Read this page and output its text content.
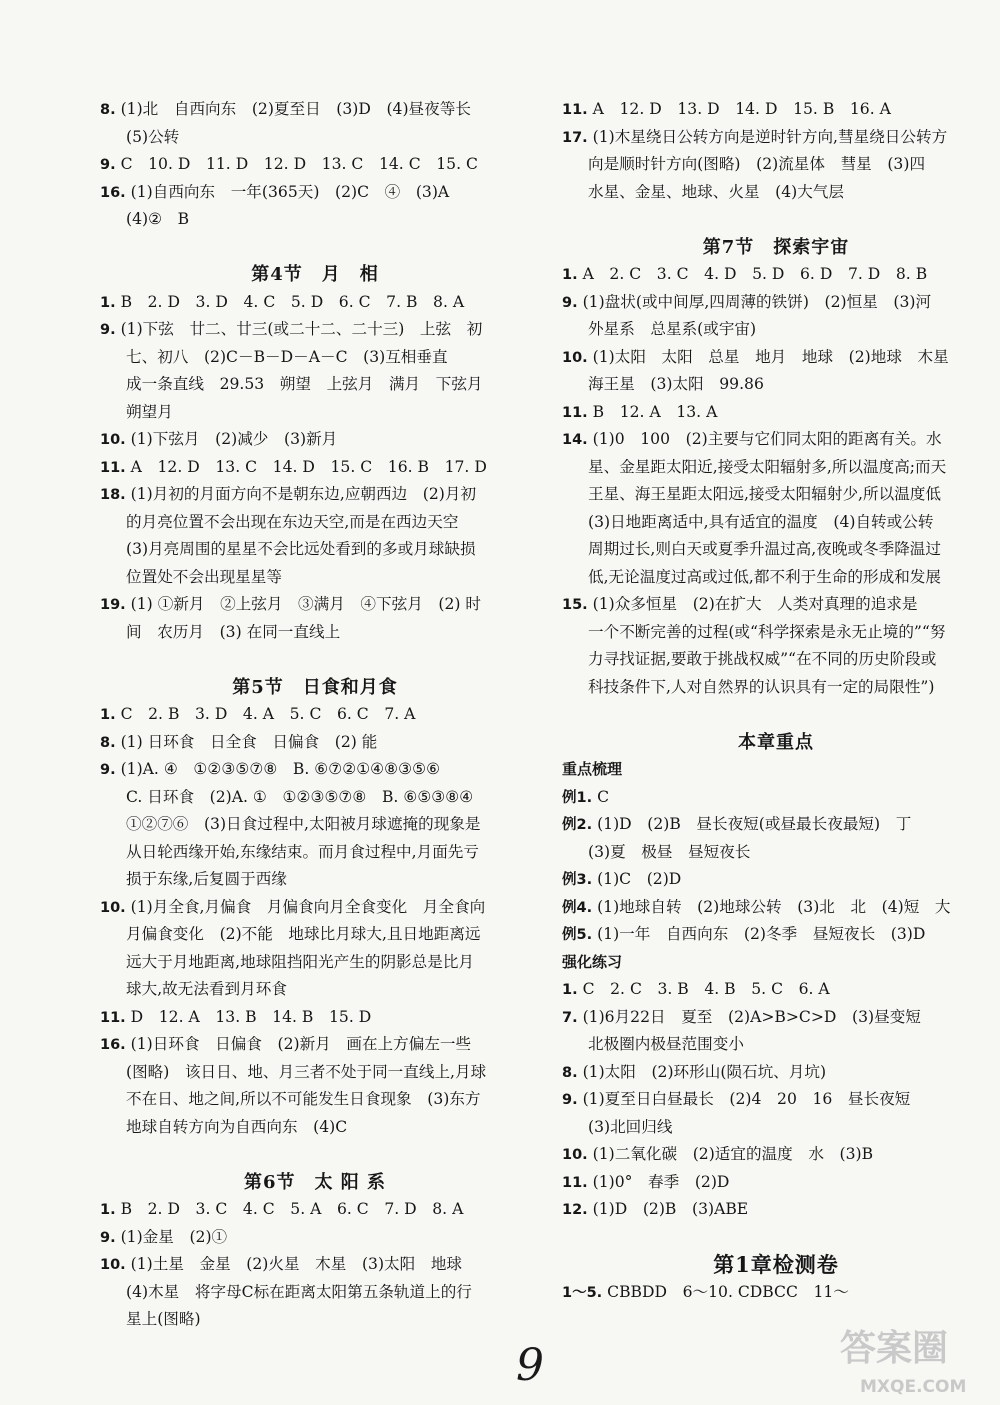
8. (1)北　自西向东　(2)夏至日　(3)D　(4)昼夜等长
(5)公转
9. C　10. D　11. D　12. D　13. C　14. C　15. C
16. (1)自西向东　一年(365天)　(2)C　④　(3)A
(4)②　B
第4节　月　相
1. B　2. D　3. D　4. C　5. D　6. C　7. B　8. A
9. (1)下弦　廿二、廿三(或二十二、二十三)　上弦　初
七、初八　(2)C－B－D－A－C　(3)互相垂直
成一条直线　29.53　朔望　上弦月　满月　下弦月
朔望月
10. (1)下弦月　(2)减少　(3)新月
11. A　12. D　13. C　14. D　15. C　16. B　17. D
18. (1)月初的月面方向不是朝东边,应朝西边　(2)月初
的月亮位置不会出现在东边天空,而是在西边天空
(3)月亮周围的星星不会比远处看到的多或月球缺损
位置处不会出现星星等
19. (1) ①新月　②上弦月　③满月　④下弦月　(2) 时
间　农历月　(3) 在同一直线上
第5节　日食和月食
1. C　2. B　3. D　4. A　5. C　6. C　7. A
8. (1) 日环食　日全食　日偏食　(2) 能
9. (1)A. ④　①②③⑤⑦⑧　B. ⑥⑦②①④⑧③⑤⑥
C. 日环食　(2)A. ①　①②③⑤⑦⑧　B. ⑥⑤③⑧④
①②⑦⑥　(3)日食过程中,太阳被月球遮掩的现象是
从日轮西缘开始,东缘结束。而月食过程中,月面先亏
损于东缘,后复圆于西缘
10. (1)月全食,月偏食　月偏食向月全食变化　月全食向
月偏食变化　(2)不能　地球比月球大,且日地距离远
远大于月地距离,地球阻挡阳光产生的阴影总是比月
球大,故无法看到月环食
11. D　12. A　13. B　14. B　15. D
16. (1)日环食　日偏食　(2)新月　画在上方偏左一些
(图略)　该日日、地、月三者不处于同一直线上,月球
不在日、地之间,所以不可能发生日食现象　(3)东方
地球自转方向为自西向东　(4)C
第6节　太 阳 系
1. B　2. D　3. C　4. C　5. A　6. C　7. D　8. A
9. (1)金星　(2)①
10. (1)土星　金星　(2)火星　木星　(3)太阳　地球
(4)木星　将字母C标在距离太阳第五条轨道上的行
星上(图略)
11. A　12. D　13. D　14. D　15. B　16. A
17. (1)木星绕日公转方向是逆时针方向,彗星绕日公转方
向是顺时针方向(图略)　(2)流星体　彗星　(3)四
水星、金星、地球、火星　(4)大气层
第7节　探索宇宙
1. A　2. C　3. C　4. D　5. D　6. D　7. D　8. B
9. (1)盘状(或中间厚,四周薄的铁饼)　(2)恒星　(3)河
外星系　总星系(或宇宙)
10. (1)太阳　太阳　总星　地月　地球　(2)地球　木星
海王星　(3)太阳　99.86
11. B　12. A　13. A
14. (1)0　100　(2)主要与它们同太阳的距离有关。水
星、金星距太阳近,接受太阳辐射多,所以温度高;而天
王星、海王星距太阳远,接受太阳辐射少,所以温度低
(3)日地距离适中,具有适宜的温度　(4)自转或公转
周期过长,则白天或夏季升温过高,夜晚或冬季降温过
低,无论温度过高或过低,都不利于生命的形成和发展
15. (1)众多恒星　(2)在扩大　人类对真理的追求是
一个不断完善的过程(或“科学探索是永无止境的”“努
力寻找证据,要敢于挑战权威”“在不同的历史阶段或
科技条件下,人对自然界的认识具有一定的局限性”)
本章重点
重点梳理
例1. C
例2. (1)D　(2)B　昼长夜短(或昼最长夜最短)　丁
(3)夏　极昼　昼短夜长
例3. (1)C　(2)D
例4. (1)地球自转　(2)地球公转　(3)北　北　(4)短　大
例5. (1)一年　自西向东　(2)冬季　昼短夜长　(3)D
强化练习
1. C　2. C　3. B　4. B　5. C　6. A
7. (1)6月22日　夏至　(2)A>B>C>D　(3)昼变短
北极圈内极昼范围变小
8. (1)太阳　(2)环形山(陨石坑、月坑)
9. (1)夏至日白昼最长　(2)4　20　16　昼长夜短
(3)北回归线
10. (1)二氧化碳　(2)适宜的温度　水　(3)B
11. (1)0°　春季　(2)D
12. (1)D　(2)B　(3)ABE
第1章检测卷
1～5. CBBDD　6～10. CDBCC　11～
9	答案圈
MXQE.COM
